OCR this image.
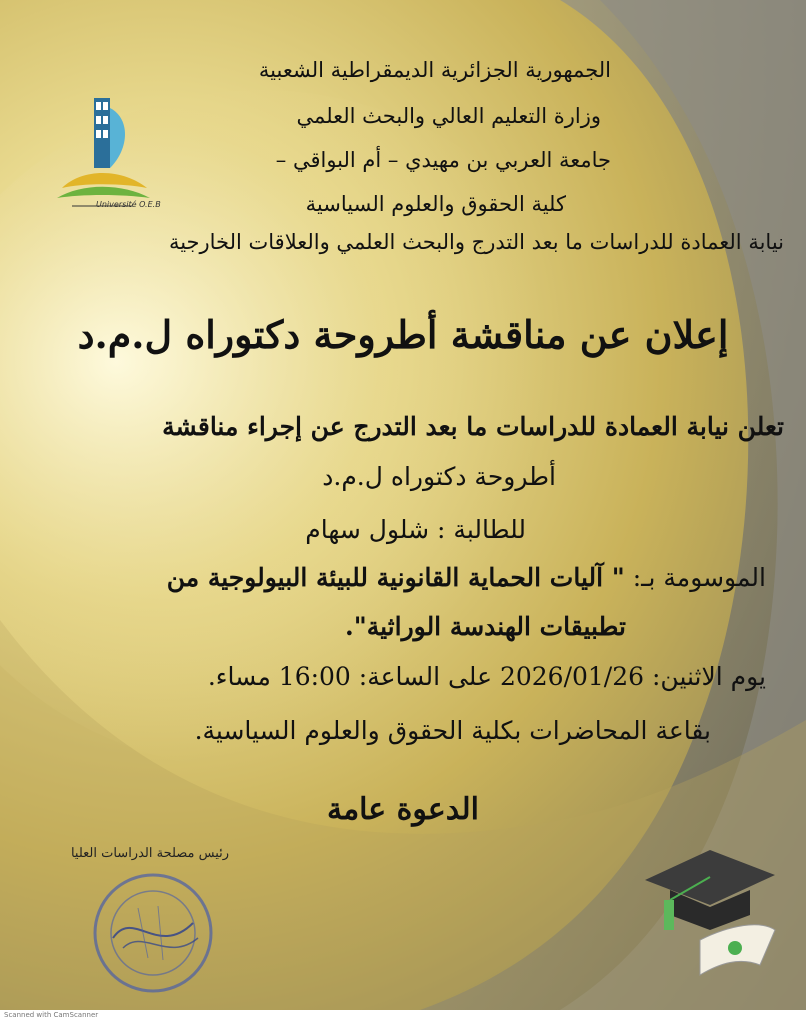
Université O.E.B
الجمهورية الجزائرية الديمقراطية الشعبية
وزارة التعليم العالي والبحث العلمي
جامعة العربي بن مهيدي – أم البواقي –
كلية الحقوق والعلوم السياسية
نيابة العمادة للدراسات ما بعد التدرج والبحث العلمي والعلاقات الخارجية
إعلان عن مناقشة أطروحة دكتوراه ل.م.د
تعلن نيابة العمادة للدراسات ما بعد التدرج عن إجراء مناقشة
أطروحة دكتوراه ل.م.د
للطالبة : شلول سهام
الموسومة بـ: " آليات الحماية القانونية للبيئة البيولوجية من
تطبيقات الهندسة الوراثية".
يوم الاثنين: 2026/01/26 على الساعة: 16:00 مساء.
بقاعة المحاضرات بكلية الحقوق والعلوم السياسية.
الدعوة عامة
رئيس مصلحة الدراسات العليا
Scanned with CamScanner
